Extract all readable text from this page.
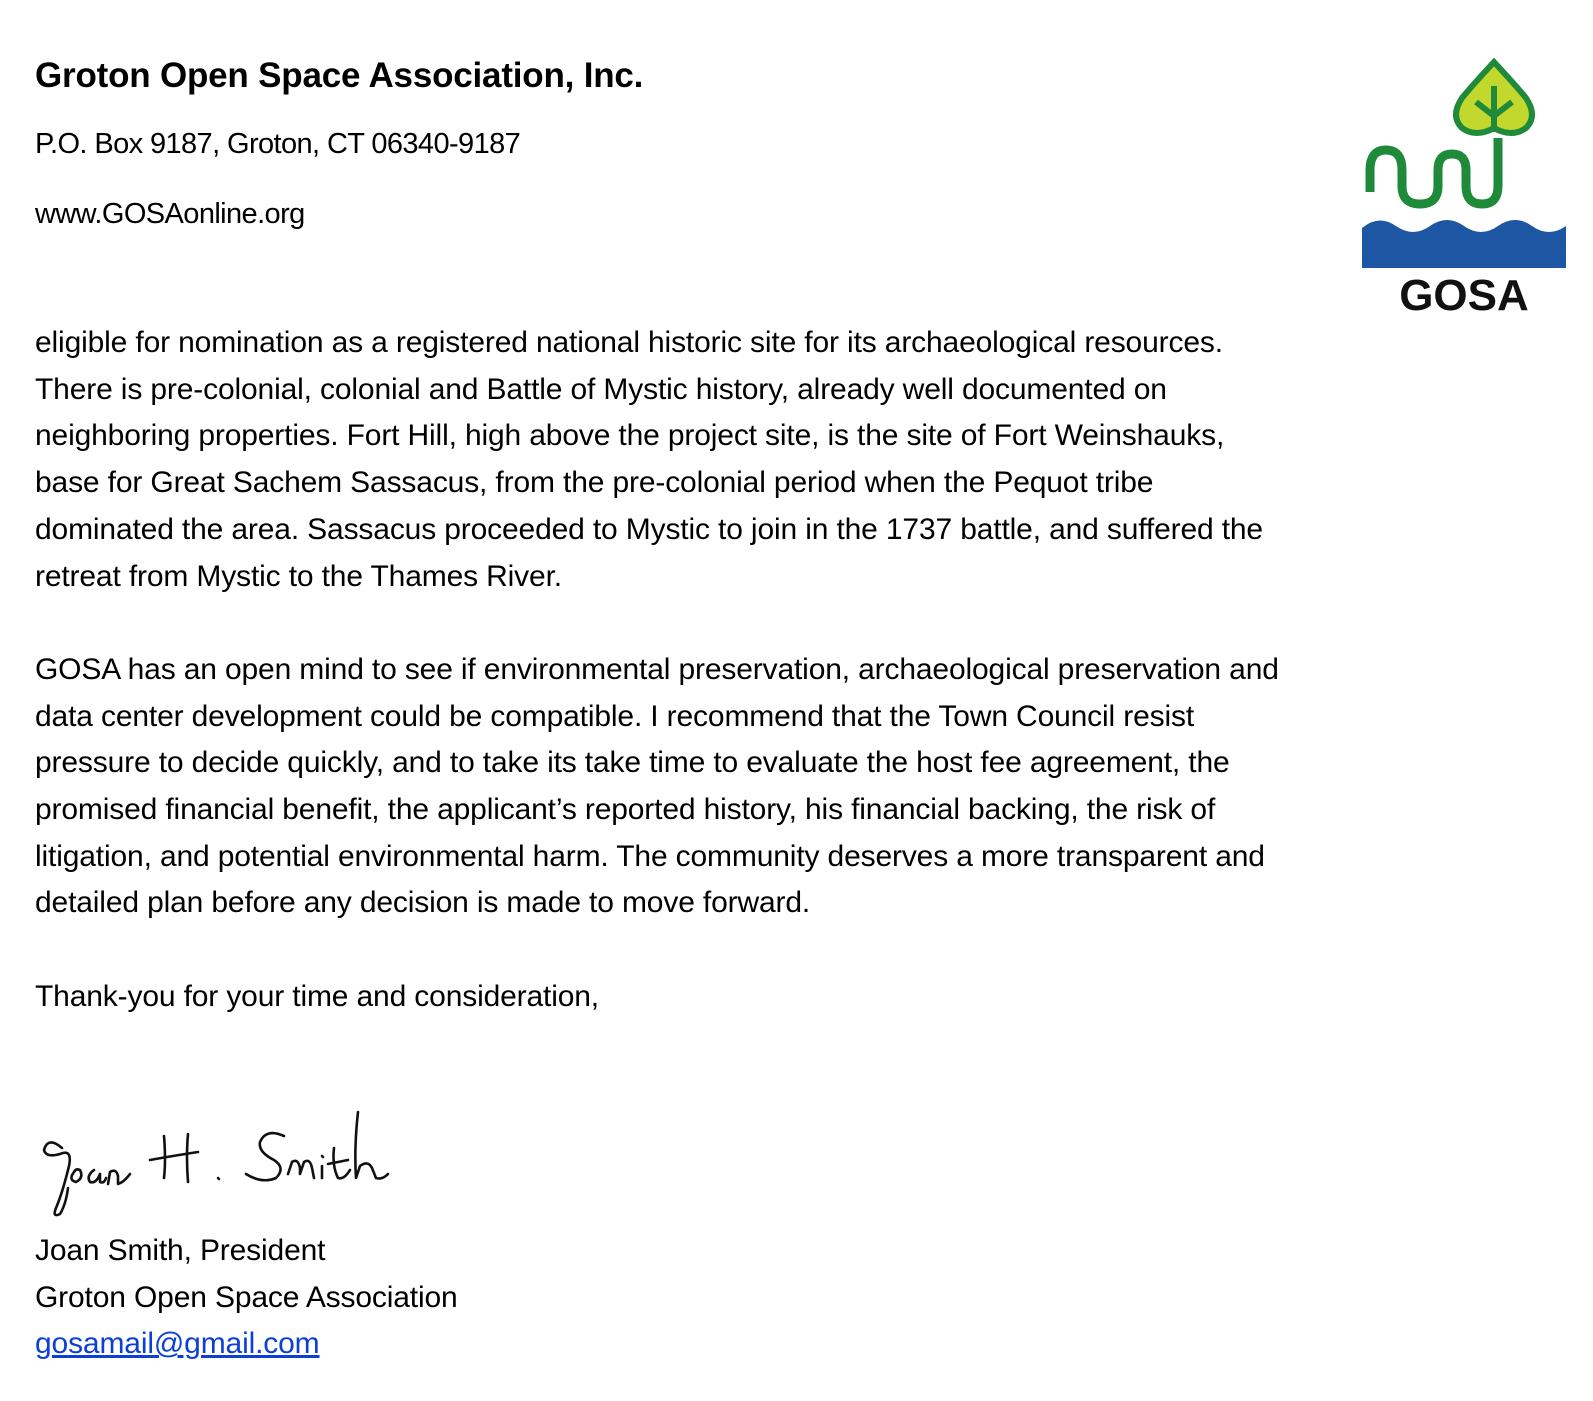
Groton Open Space Association, Inc.

P.O. Box 9187, Groton, CT 06340-9187

www.GOSAonline.org

GOSA

eligible for nomination as a registered national historic site for its archaeological resources.
There is pre-colonial, colonial and Battle of Mystic history, already well documented on
neighboring properties. Fort Hill, high above the project site, is the site of Fort Weinshauks,
base for Great Sachem Sassacus, from the pre-colonial period when the Pequot tribe
dominated the area. Sassacus proceeded to Mystic to join in the 1737 battle, and suffered the
retreat from Mystic to the Thames River.

GOSA has an open mind to see if environmental preservation, archaeological preservation and
data center development could be compatible. I recommend that the Town Council resist
pressure to decide quickly, and to take its take time to evaluate the host fee agreement, the
promised financial benefit, the applicant’s reported history, his financial backing, the risk of
litigation, and potential environmental harm. The community deserves a more transparent and
detailed plan before any decision is made to move forward.

Thank-you for your time and consideration,

Joan Smith, President
Groton Open Space Association
gosamail@gmail.com
